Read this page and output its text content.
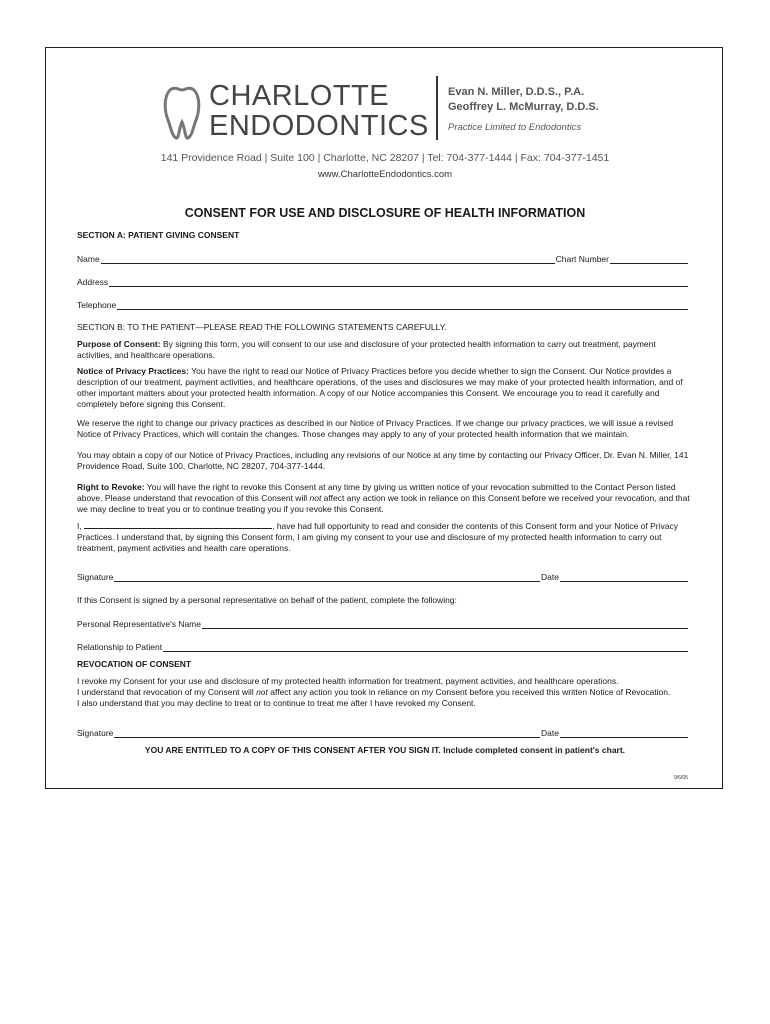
CHARLOTTE
ENDODONTICS
Evan N. Miller, D.D.S., P.A.
Geoffrey L. McMurray, D.D.S.
Practice Limited to Endodontics
141 Providence Road | Suite 100 | Charlotte, NC 28207 | Tel: 704-377-1444 | Fax: 704-377-1451
www.CharlotteEndodontics.com
CONSENT FOR USE AND DISCLOSURE OF HEALTH INFORMATION
SECTION A: PATIENT GIVING CONSENT
Name	Chart Number
Address
Telephone
SECTION B: TO THE PATIENT—PLEASE READ THE FOLLOWING STATEMENTS CAREFULLY.
Purpose of Consent: By signing this form, you will consent to our use and disclosure of your protected health information to carry out treatment, payment activities, and healthcare operations.
Notice of Privacy Practices: You have the right to read our Notice of Privacy Practices before you decide whether to sign the Consent. Our Notice provides a description of our treatment, payment activities, and healthcare operations, of the uses and disclosures we may make of your protected health information, and of other important matters about your protected health information. A copy of our Notice accompanies this Consent. We encourage you to read it carefully and completely before signing this Consent.
We reserve the right to change our privacy practices as described in our Notice of Privacy Practices. If we change our privacy practices, we will issue a revised Notice of Privacy Practices, which will contain the changes. Those changes may apply to any of your protected health information that we maintain.
You may obtain a copy of our Notice of Privacy Practices, including any revisions of our Notice at any time by contacting our Privacy Officer, Dr. Evan N. Miller, 141 Providence Road, Suite 100, Charlotte, NC 28207, 704-377-1444.
Right to Revoke: You will have the right to revoke this Consent at any time by giving us written notice of your revocation submitted to the Contact Person listed above. Please understand that revocation of this Consent will not affect any action we took in reliance on this Consent before we received your revocation, and that we may decline to treat you or to continue treating you if you revoke this Consent.
I,	, have had full opportunity to read and consider the contents of this Consent form and your Notice of Privacy Practices. I understand that, by signing this Consent form, I am giving my consent to your use and disclosure of my protected health information to carry out treatment, payment activities and health care operations.
Signature	Date
If this Consent is signed by a personal representative on behalf of the patient, complete the following:
Personal Representative's Name
Relationship to Patient
REVOCATION OF CONSENT
I revoke my Consent for your use and disclosure of my protected health information for treatment, payment activities, and healthcare operations.
I understand that revocation of my Consent will not affect any action you took in reliance on my Consent before you received this written Notice of Revocation.
I also understand that you may decline to treat or to continue to treat me after I have revoked my Consent.
Signature	Date
YOU ARE ENTITLED TO A COPY OF THIS CONSENT AFTER YOU SIGN IT. Include completed consent in patient's chart.
9/6/05
